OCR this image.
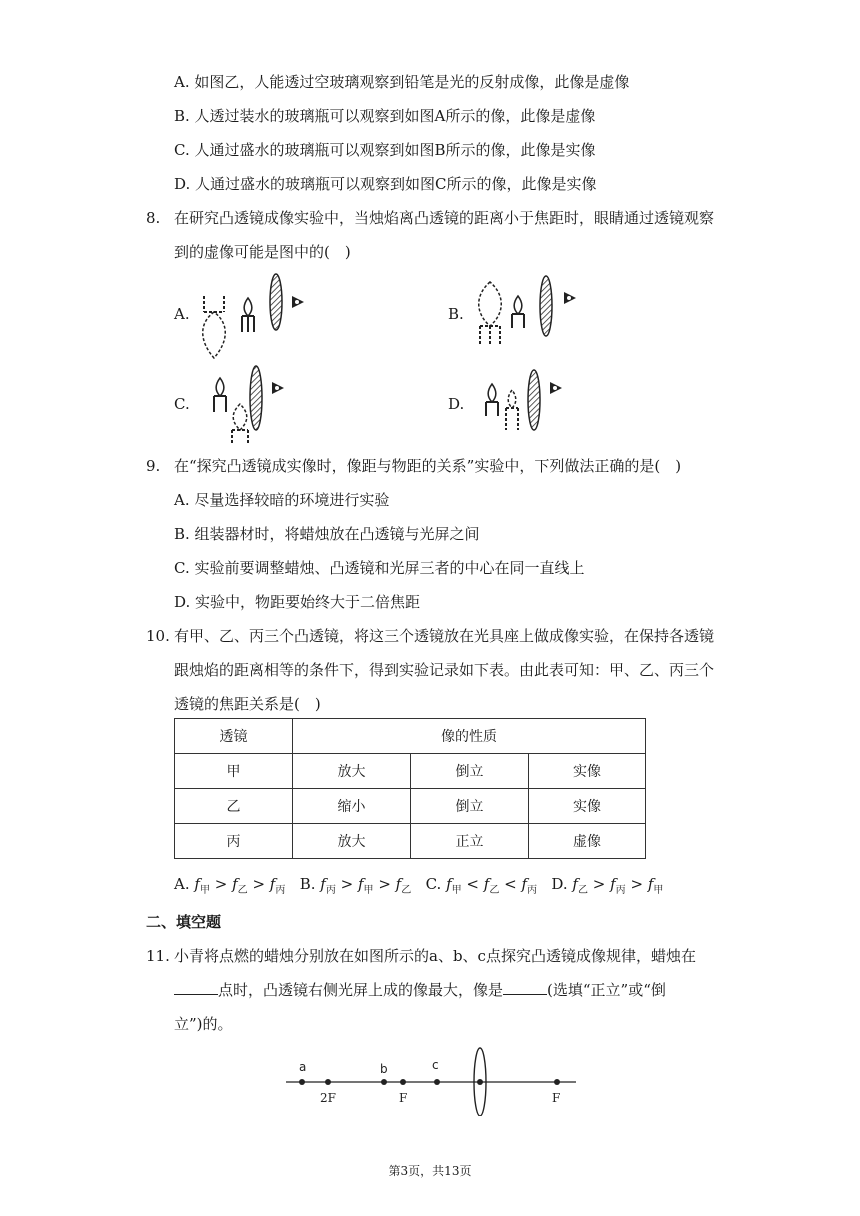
A. 如图乙，人能透过空玻璃观察到铅笔是光的反射成像，此像是虚像
B. 人透过装水的玻璃瓶可以观察到如图A所示的像，此像是虚像
C. 人通过盛水的玻璃瓶可以观察到如图B所示的像，此像是实像
D. 人通过盛水的玻璃瓶可以观察到如图C所示的像，此像是实像
8. 在研究凸透镜成像实验中，当烛焰离凸透镜的距离小于焦距时，眼睛通过透镜观察
到的虚像可能是图中的(　)
A.	B.
C.	D.
9. 在“探究凸透镜成实像时，像距与物距的关系”实验中，下列做法正确的是(　)
A. 尽量选择较暗的环境进行实验
B. 组装器材时，将蜡烛放在凸透镜与光屏之间
C. 实验前要调整蜡烛、凸透镜和光屏三者的中心在同一直线上
D. 实验中，物距要始终大于二倍焦距
10. 有甲、乙、丙三个凸透镜，将这三个透镜放在光具座上做成像实验，在保持各透镜
跟烛焰的距离相等的条件下，得到实验记录如下表。由此表可知：甲、乙、丙三个
透镜的焦距关系是(　)
透镜	像的性质		
甲	放大	倒立	实像
乙	缩小	倒立	实像
丙	放大	正立	虚像
A. $f_甲 > f_乙 > f_丙$ B. $f_丙 > f_甲 > f_乙$ C. $f_甲 < f_乙 < f_丙$ D. $f_乙 > f_丙 > f_甲$
二、填空题
11. 小青将点燃的蜡烛分别放在如图所示的a、b、c点探究凸透镜成像规律，蜡烛在
点时，凸透镜右侧光屏上成的像最大，像是	(选填“正立”或“倒
立”)的。
a	b	c
2F	F	F
第3页，共13页
